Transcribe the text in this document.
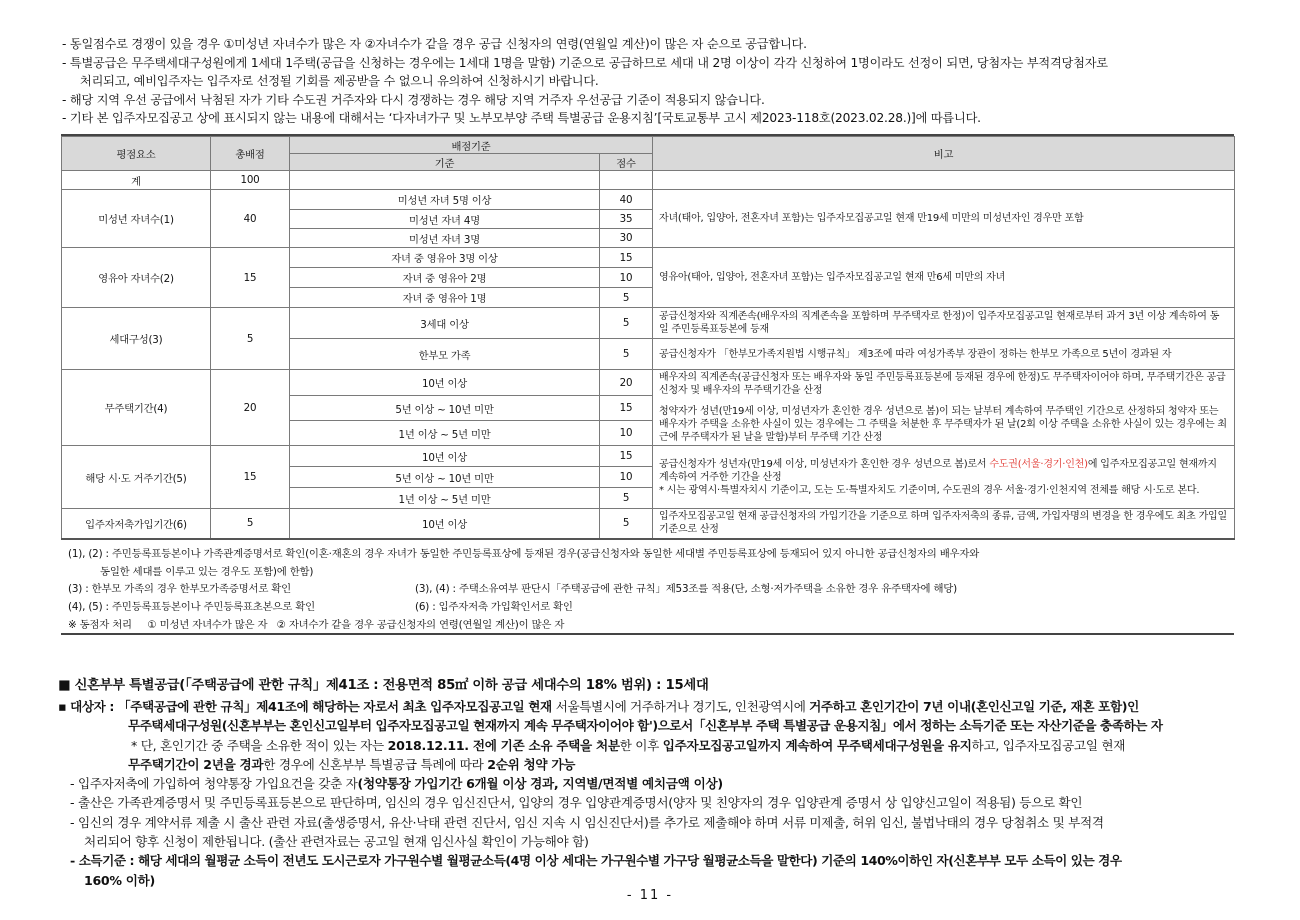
- 동일점수로 경쟁이 있을 경우 ①미성년 자녀수가 많은 자 ②자녀수가 같을 경우 공급 신청자의 연령(연월일 계산)이 많은 자 순으로 공급합니다.
- 특별공급은 무주택세대구성원에게 1세대 1주택(공급을 신청하는 경우에는 1세대 1명을 말함) 기준으로 공급하므로 세대 내 2명 이상이 각각 신청하여 1명이라도 선정이 되면, 당첨자는 부적격당첨자로
처리되고, 예비입주자는 입주자로 선정될 기회를 제공받을 수 없으니 유의하여 신청하시기 바랍니다.
- 해당 지역 우선 공급에서 낙첨된 자가 기타 수도권 거주자와 다시 경쟁하는 경우 해당 지역 거주자 우선공급 기준이 적용되지 않습니다.
- 기타 본 입주자모집공고 상에 표시되지 않는 내용에 대해서는 ‘다자녀가구 및 노부모부양 주택 특별공급 운용지침’[국토교통부 고시 제2023-118호(2023.02.28.)]에 따릅니다.
평점요소	총배점	배점기준		비고
		기준	점수	
계	100			
미성년 자녀수(1)	40	미성년 자녀 5명 이상	40	자녀(태아, 입양아, 전혼자녀 포함)는 입주자모집공고일 현재 만19세 미만의 미성년자인 경우만 포함
		미성년 자녀 4명	35	
		미성년 자녀 3명	30	
영유아 자녀수(2)	15	자녀 중 영유아 3명 이상	15	영유아(태아, 입양아, 전혼자녀 포함)는 입주자모집공고일 현재 만6세 미만의 자녀
		자녀 중 영유아 2명	10	
		자녀 중 영유아 1명	5	
세대구성(3)	5	3세대 이상	5	공급신청자와 직계존속(배우자의 직계존속을 포함하며 무주택자로 한정)이 입주자모집공고일 현재로부터 과거 3년 이상 계속하여 동일 주민등록표등본에 등재
		한부모 가족	5	공급신청자가 「한부모가족지원법 시행규칙」 제3조에 따라 여성가족부 장관이 정하는 한부모 가족으로 5년이 경과된 자
무주택기간(4)	20	10년 이상	20	배우자의 직계존속(공급신청자 또는 배우자와 동일 주민등록표등본에 등재된 경우에 한정)도 무주택자이어야 하며, 무주택기간은 공급신청자 및 배우자의 무주택기간을 산정
청약자가 성년(만19세 이상, 미성년자가 혼인한 경우 성년으로 봄)이 되는 날부터 계속하여 무주택인 기간으로 산정하되 청약자 또는 배우자가 주택을 소유한 사실이 있는 경우에는 그 주택을 처분한 후 무주택자가 된 날(2회 이상 주택을 소유한 사실이 있는 경우에는 최근에 무주택자가 된 날을 말함)부터 무주택 기간 산정

		5년 이상 ~ 10년 미만	15	
		1년 이상 ~ 5년 미만	10	
해당 시·도 거주기간(5)	15	10년 이상	15	공급신청자가 성년자(만19세 이상, 미성년자가 혼인한 경우 성년으로 봄)로서 수도권(서울·경기·인천)에 입주자모집공고일 현재까지 계속하여 거주한 기간을 산정
* 시는 광역시·특별자치시 기준이고, 도는 도·특별자치도 기준이며, 수도권의 경우 서울·경기·인천지역 전체를 해당 시·도로 본다.

		5년 이상 ~ 10년 미만	10	
		1년 이상 ~ 5년 미만	5	
입주자저축가입기간(6)	5	10년 이상	5	입주자모집공고일 현재 공급신청자의 가입기간을 기준으로 하며 입주자저축의 종류, 금액, 가입자명의 변경을 한 경우에도 최초 가입일 기준으로 산정
(1), (2) : 주민등록표등본이나 가족관계증명서로 확인(이혼·재혼의 경우 자녀가 동일한 주민등록표상에 등재된 경우(공급신청자와 동일한 세대별 주민등록표상에 등재되어 있지 아니한 공급신청자의 배우자와
동일한 세대를 이루고 있는 경우도 포함)에 한함)
(3) : 한부모 가족의 경우 한부모가족증명서로 확인	(3), (4) : 주택소유여부 판단시「주택공급에 관한 규칙」제53조를 적용(단, 소형·저가주택을 소유한 경우 유주택자에 해당)
(4), (5) : 주민등록표등본이나 주민등록표초본으로 확인	(6) : 입주자저축 가입확인서로 확인
※ 동점자 처리     ① 미성년 자녀수가 많은 자   ② 자녀수가 같을 경우 공급신청자의 연령(연월일 계산)이 많은 자
■ 신혼부부 특별공급(「주택공급에 관한 규칙」제41조 : 전용면적 85㎡ 이하 공급 세대수의 18% 범위) : 15세대
▪ 대상자 : 「주택공급에 관한 규칙」제41조에 해당하는 자로서 최초 입주자모집공고일 현재 서울특별시에 거주하거나 경기도, 인천광역시에 거주하고 혼인기간이 7년 이내(혼인신고일 기준, 재혼 포함)인
무주택세대구성원(신혼부부는 혼인신고일부터 입주자모집공고일 현재까지 계속 무주택자이어야 함')으로서「신혼부부 주택 특별공급 운용지침」에서 정하는 소득기준 또는 자산기준을 충족하는 자
* 단, 혼인기간 중 주택을 소유한 적이 있는 자는 2018.12.11. 전에 기존 소유 주택을 처분한 이후 입주자모집공고일까지 계속하여 무주택세대구성원을 유지하고, 입주자모집공고일 현재
무주택기간이 2년을 경과한 경우에 신혼부부 특별공급 특례에 따라 2순위 청약 가능
- 입주자저축에 가입하여 청약통장 가입요건을 갖춘 자(청약통장 가입기간 6개월 이상 경과, 지역별/면적별 예치금액 이상)
- 출산은 가족관계증명서 및 주민등록표등본으로 판단하며, 임신의 경우 임신진단서, 입양의 경우 입양관계증명서(양자 및 친양자의 경우 입양관계 증명서 상 입양신고일이 적용됨) 등으로 확인
- 임신의 경우 계약서류 제출 시 출산 관련 자료(출생증명서, 유산·낙태 관련 진단서, 임신 지속 시 임신진단서)를 추가로 제출해야 하며 서류 미제출, 허위 임신, 불법낙태의 경우 당첨취소 및 부적격
처리되어 향후 신청이 제한됩니다. (출산 관련자료는 공고일 현재 임신사실 확인이 가능해야 함)
- 소득기준 : 해당 세대의 월평균 소득이 전년도 도시근로자 가구원수별 월평균소득(4명 이상 세대는 가구원수별 가구당 월평균소득을 말한다) 기준의 140%이하인 자(신혼부부 모두 소득이 있는 경우
160% 이하)
- 11 -
